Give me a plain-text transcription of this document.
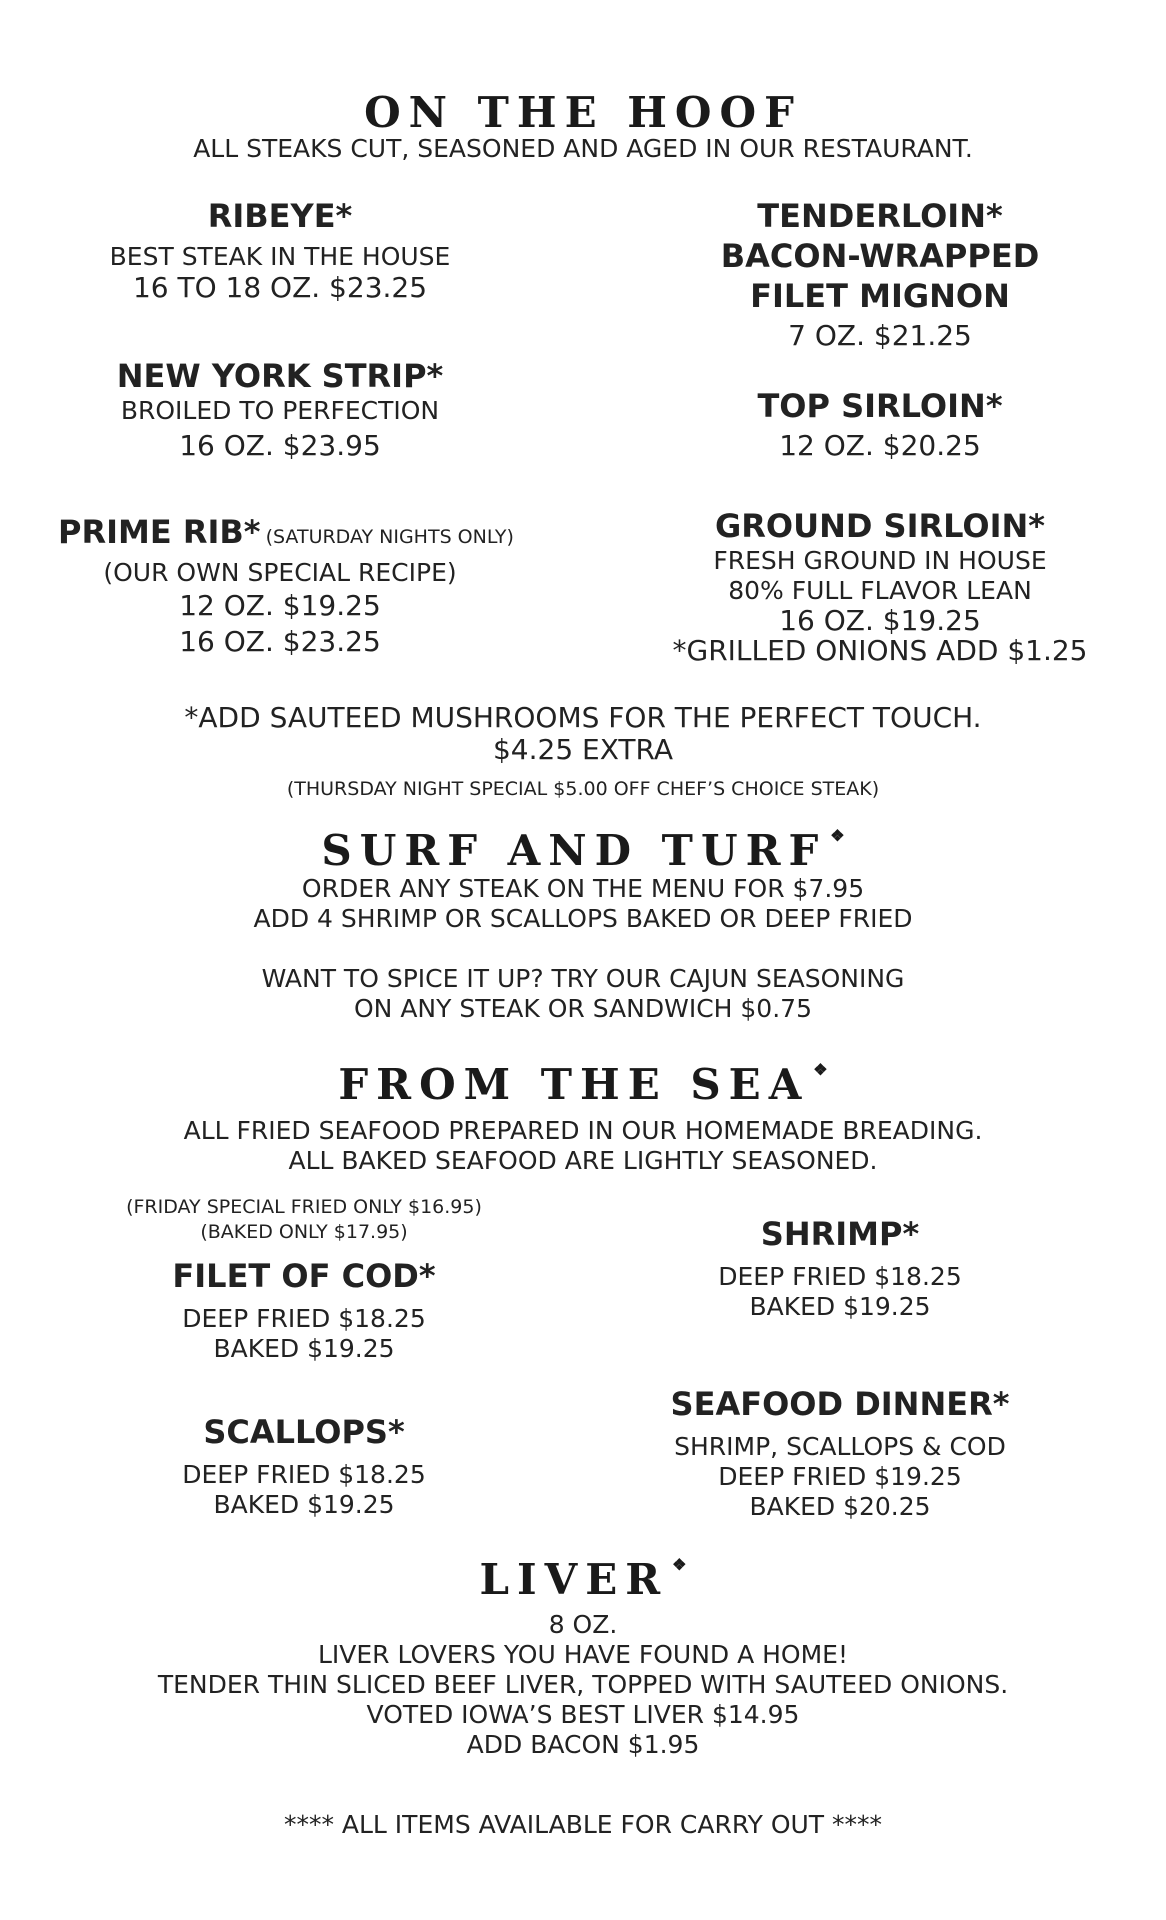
ON THE HOOF
ALL STEAKS CUT, SEASONED AND AGED IN OUR RESTAURANT.
RIBEYE*
BEST STEAK IN THE HOUSE
16 TO 18 OZ. $23.25
TENDERLOIN*
BACON-WRAPPED
FILET MIGNON
7 OZ. $21.25
NEW YORK STRIP*
BROILED TO PERFECTION
16 OZ. $23.95
TOP SIRLOIN*
12 OZ. $20.25
PRIME RIB* (SATURDAY NIGHTS ONLY)
(OUR OWN SPECIAL RECIPE)
12 OZ. $19.25
16 OZ. $23.25
GROUND SIRLOIN*
FRESH GROUND IN HOUSE
80% FULL FLAVOR LEAN
16 OZ. $19.25
*GRILLED ONIONS ADD $1.25
*ADD SAUTEED MUSHROOMS FOR THE PERFECT TOUCH.
$4.25 EXTRA
(THURSDAY NIGHT SPECIAL $5.00 OFF CHEF’S CHOICE STEAK)
SURF AND TURF ❖
ORDER ANY STEAK ON THE MENU FOR $7.95
ADD 4 SHRIMP OR SCALLOPS BAKED OR DEEP FRIED
WANT TO SPICE IT UP? TRY OUR CAJUN SEASONING
ON ANY STEAK OR SANDWICH $0.75
FROM THE SEA ❖
ALL FRIED SEAFOOD PREPARED IN OUR HOMEMADE BREADING.
ALL BAKED SEAFOOD ARE LIGHTLY SEASONED.
(FRIDAY SPECIAL FRIED ONLY $16.95)
(BAKED ONLY $17.95)
FILET OF COD*
DEEP FRIED $18.25
BAKED $19.25
SHRIMP*
DEEP FRIED $18.25
BAKED $19.25
SCALLOPS*
DEEP FRIED $18.25
BAKED $19.25
SEAFOOD DINNER*
SHRIMP, SCALLOPS & COD
DEEP FRIED $19.25
BAKED $20.25
LIVER ❖
8 OZ.
LIVER LOVERS YOU HAVE FOUND A HOME!
TENDER THIN SLICED BEEF LIVER, TOPPED WITH SAUTEED ONIONS.
VOTED IOWA’S BEST LIVER $14.95
ADD BACON $1.95
**** ALL ITEMS AVAILABLE FOR CARRY OUT ****
